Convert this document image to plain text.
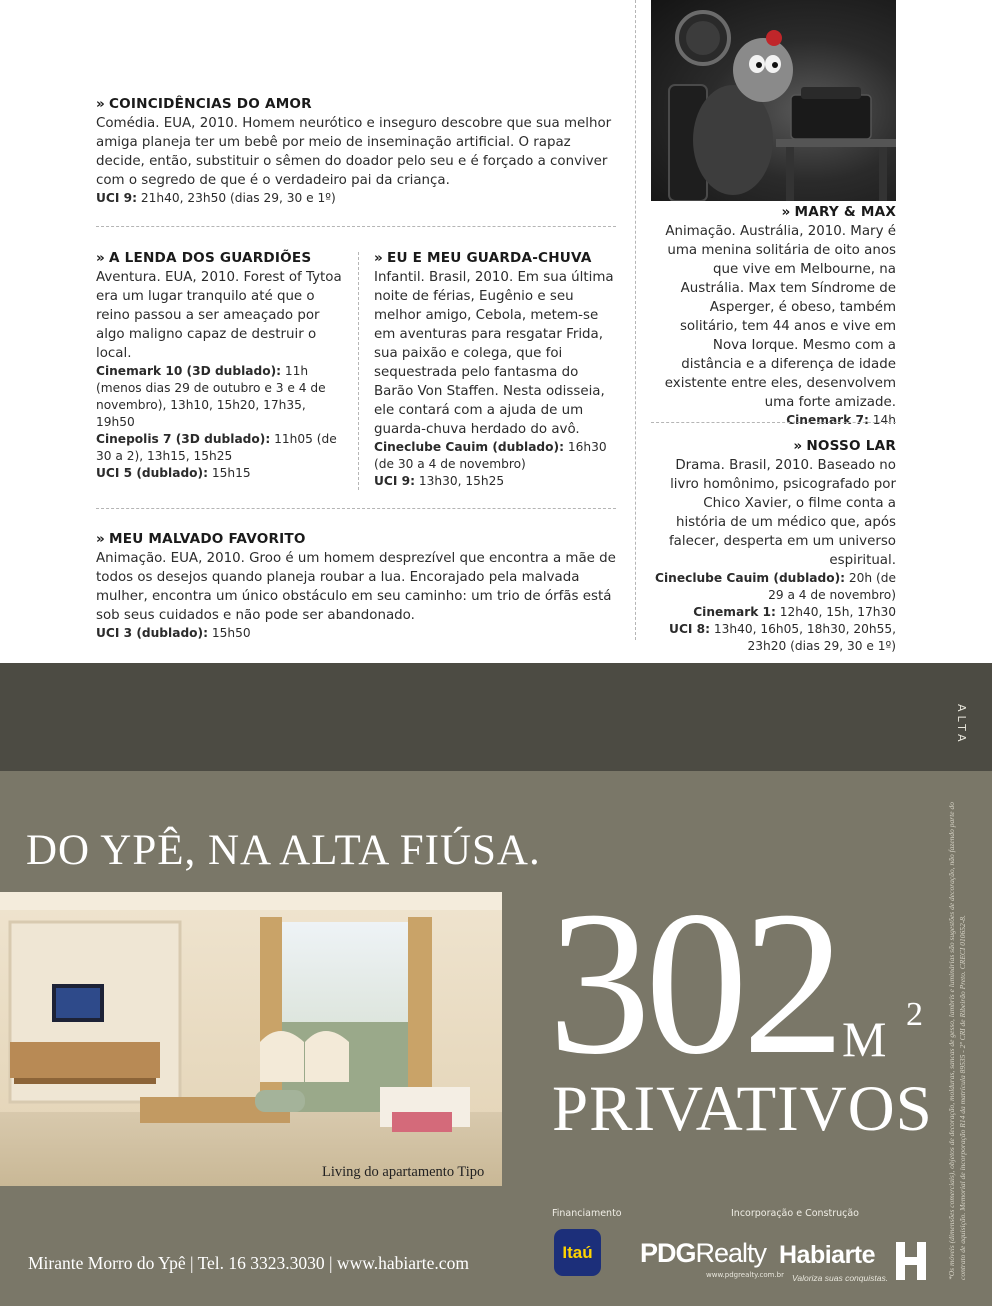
» COINCIDÊNCIAS DO AMOR
Comédia. EUA, 2010. Homem neurótico e inseguro descobre que sua melhor amiga planeja ter um bebê por meio de inseminação artificial. O rapaz decide, então, substituir o sêmen do doador pelo seu e é forçado a conviver com o segredo de que é o verdadeiro pai da criança.
UCI 9: 21h40, 23h50 (dias 29, 30 e 1º)
» A LENDA DOS GUARDIÕES
Aventura. EUA, 2010. Forest of Tytoa era um lugar tranquilo até que o reino passou a ser ameaçado por algo maligno capaz de destruir o local.
Cinemark 10 (3D dublado): 11h (menos dias 29 de outubro e 3 e 4 de novembro), 13h10, 15h20, 17h35, 19h50
Cinepolis 7 (3D dublado): 11h05 (de 30 a 2), 13h15, 15h25
UCI 5 (dublado): 15h15
» EU E MEU GUARDA-CHUVA
Infantil. Brasil, 2010. Em sua última noite de férias, Eugênio e seu melhor amigo, Cebola, metem-se em aventuras para resgatar Frida, sua paixão e colega, que foi sequestrada pelo fantasma do Barão Von Staffen. Nesta odisseia, ele contará com a ajuda de um guarda-chuva herdado do avô.
Cineclube Cauim (dublado): 16h30 (de 30 a 4 de novembro)
UCI 9: 13h30, 15h25
» MEU MALVADO FAVORITO
Animação. EUA, 2010. Groo é um homem desprezível que encontra a mãe de todos os desejos quando planeja roubar a lua. Encorajado pela malvada mulher, encontra um único obstáculo em seu caminho: um trio de órfãs está sob seus cuidados e não pode ser abandonado.
UCI 3 (dublado): 15h50
» MARY & MAX
Animação. Austrália, 2010. Mary é uma menina solitária de oito anos que vive em Melbourne, na Austrália. Max tem Síndrome de Asperger, é obeso, também solitário, tem 44 anos e vive em Nova Iorque. Mesmo com a distância e a diferença de idade existente entre eles, desenvolvem uma forte amizade.
Cinemark 7: 14h
» NOSSO LAR
Drama. Brasil, 2010. Baseado no livro homônimo, psicografado por Chico Xavier, o filme conta a história de um médico que, após falecer, desperta em um universo espiritual.
Cineclube Cauim (dublado): 20h (de 29 a 4 de novembro)
Cinemark 1: 12h40, 15h, 17h30
UCI 8: 13h40, 16h05, 18h30, 20h55, 23h20 (dias 29, 30 e 1º)
ALTA
DO YPÊ, NA ALTA FIÚSA.
Living do apartamento Tipo
302 M 2
PRIVATIVOS
Financiamento	Incorporação e Construção
Itaú	PDGRealty
www.pdgrealty.com.br
Habiarte
Valoriza suas conquistas.
Mirante Morro do Ypê | Tel. 16 3323.3030 | www.habiarte.com	*Os móveis (dimensões comerciais), objetos de decoração, molduras, sancas de gesso, lambris e luminárias são sugestões de decoração, não fazendo parte do contrato de aquisição. Memorial de incorporação R14 da matrícula 89535 - 2º CRI de Ribeirão Preto. CRECI 010652-8.
